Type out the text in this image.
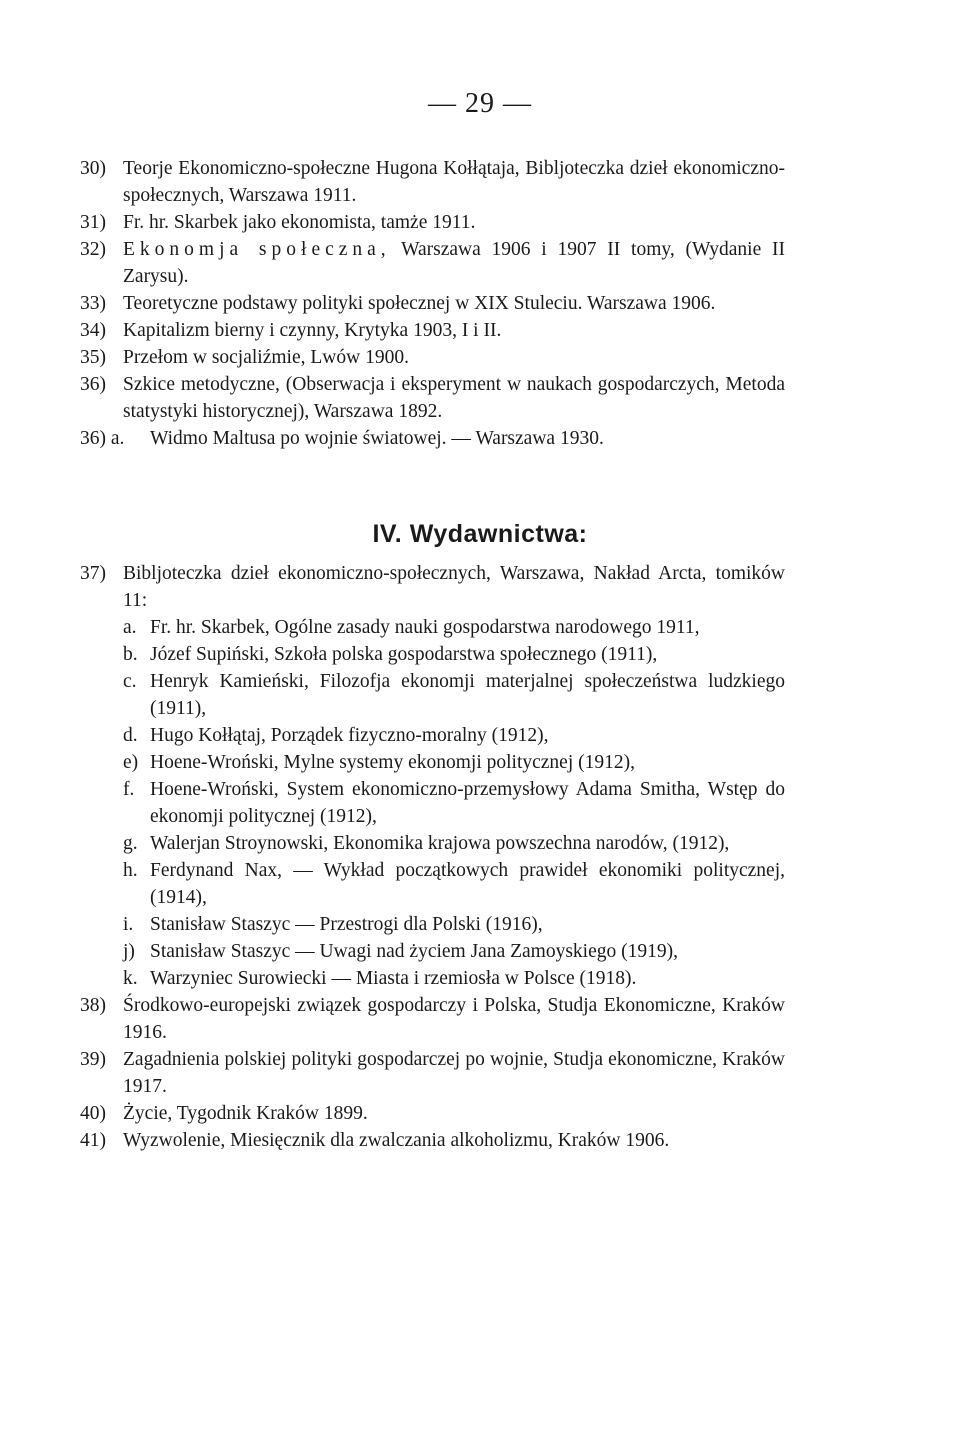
— 29 —
30) Teorje Ekonomiczno-społeczne Hugona Kołłątaja, Bibljoteczka dzieł ekonomiczno-społecznych, Warszawa 1911.
31) Fr. hr. Skarbek jako ekonomista, tamże 1911.
32) Ekonomja społeczna, Warszawa 1906 i 1907 II tomy, (Wydanie II Zarysu).
33) Teoretyczne podstawy polityki społecznej w XIX Stuleciu. Warszawa 1906.
34) Kapitalizm bierny i czynny, Krytyka 1903, I i II.
35) Przełom w socjaliźmie, Lwów 1900.
36) Szkice metodyczne, (Obserwacja i eksperyment w naukach gospodarczych, Metoda statystyki historycznej), Warszawa 1892.
36) a.	Widmo Maltusa po wojnie światowej. — Warszawa 1930.
IV. Wydawnictwa:
37) Bibljoteczka dzieł ekonomiczno-społecznych, Warszawa, Nakład Arcta, tomików 11:
a. Fr. hr. Skarbek, Ogólne zasady nauki gospodarstwa narodowego 1911,
b. Józef Supiński, Szkoła polska gospodarstwa społecznego (1911),
c. Henryk Kamieński, Filozofja ekonomji materjalnej społeczeństwa ludzkiego (1911),
d. Hugo Kołłątaj, Porządek fizyczno-moralny (1912),
e) Hoene-Wroński, Mylne systemy ekonomji politycznej (1912),
f. Hoene-Wroński, System ekonomiczno-przemysłowy Adama Smitha, Wstęp do ekonomji politycznej (1912),
g. Walerjan Stroynowski, Ekonomika krajowa powszechna narodów, (1912),
h. Ferdynand Nax, — Wykład początkowych prawideł ekonomiki politycznej, (1914),
i. Stanisław Staszyc — Przestrogi dla Polski (1916),
j) Stanisław Staszyc — Uwagi nad życiem Jana Zamoyskiego (1919),
k. Warzyniec Surowiecki — Miasta i rzemiosła w Polsce (1918).
38) Środkowo-europejski związek gospodarczy i Polska, Studja Ekonomiczne, Kraków 1916.
39) Zagadnienia polskiej polityki gospodarczej po wojnie, Studja ekonomiczne, Kraków 1917.
40) Życie, Tygodnik Kraków 1899.
41) Wyzwolenie, Miesięcznik dla zwalczania alkoholizmu, Kraków 1906.
